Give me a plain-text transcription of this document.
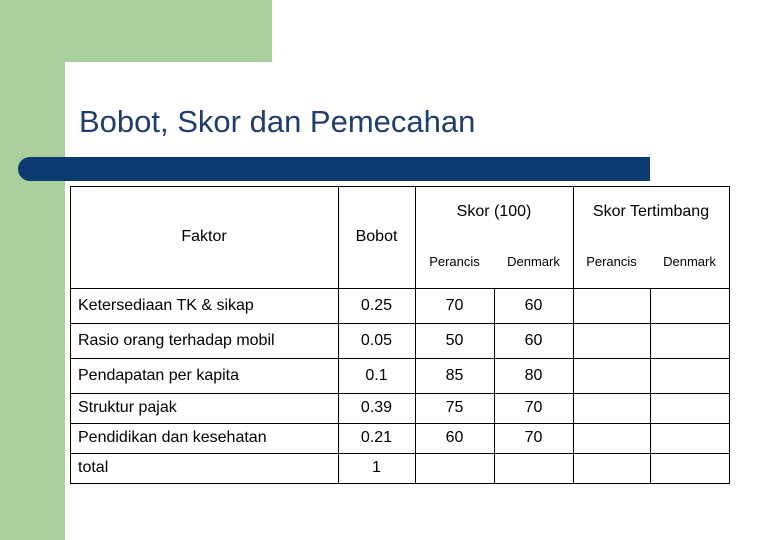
Bobot, Skor dan Pemecahan
Faktor	Bobot
Skor (100)	Skor Tertimbang
Perancis	Denmark	Perancis	Denmark
Ketersediaan TK & sikap	0.25	70	60
Rasio orang terhadap mobil	0.05	50	60
Pendapatan per kapita	0.1	85	80
Struktur pajak	0.39	75	70
Pendidikan dan kesehatan	0.21	60	70
total	1
